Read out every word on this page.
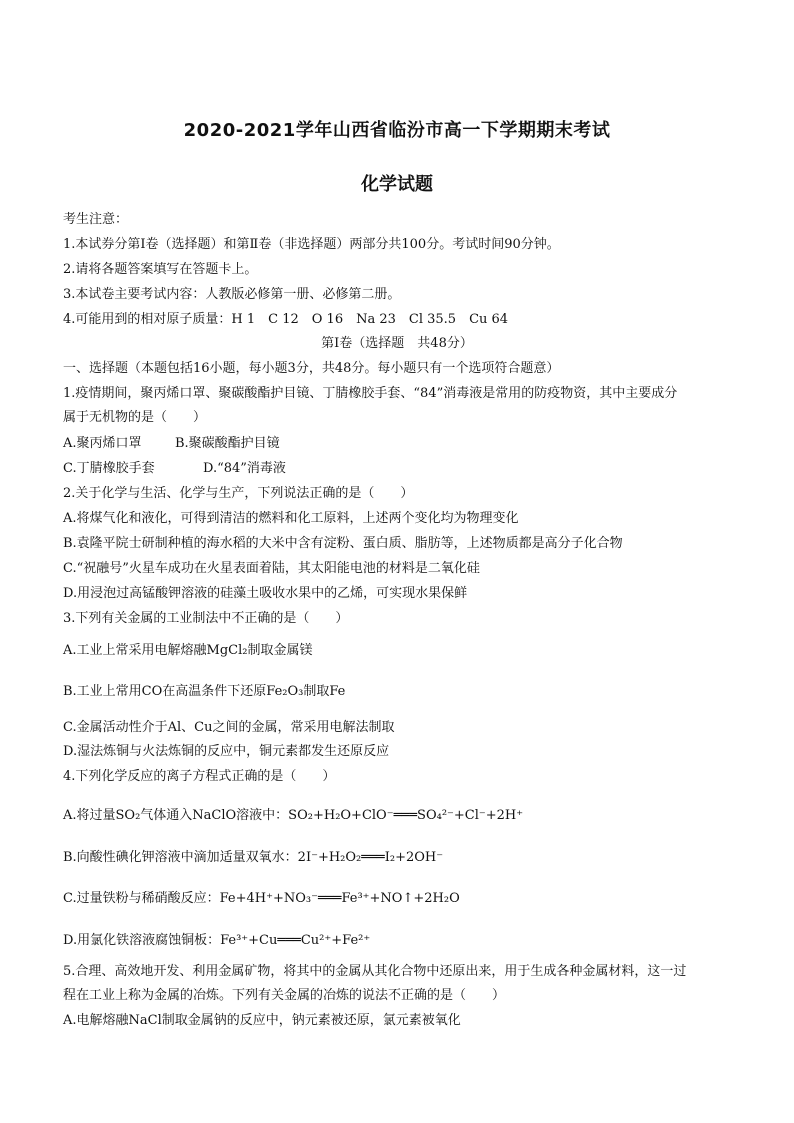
2020-2021学年山西省临汾市高一下学期期末考试
化学试题
考生注意：
1.本试券分第Ⅰ卷（选择题）和第Ⅱ卷（非选择题）两部分共100分。考试时间90分钟。
2.请将各题答案填写在答题卡上。
3.本试卷主要考试内容：人教版必修第一册、必修第二册。
4.可能用到的相对原子质量：H 1　C 12　O 16　Na 23　Cl 35.5　Cu 64
第Ⅰ卷（选择题　共48分）
一、选择题（本题包括16小题，每小题3分，共48分。每小题只有一个选项符合题意）
1.疫情期间，聚丙烯口罩、聚碳酸酯护目镜、丁腈橡胶手套、“84”消毒液是常用的防疫物资，其中主要成分
属于无机物的是（　　）
A.聚丙烯口罩	B.聚碳酸酯护目镜
C.丁腈橡胶手套	D.“84”消毒液
2.关于化学与生活、化学与生产，下列说法正确的是（　　）
A.将煤气化和液化，可得到清洁的燃料和化工原料，上述两个变化均为物理变化
B.袁隆平院士研制种植的海水稻的大米中含有淀粉、蛋白质、脂肪等，上述物质都是高分子化合物
C.“祝融号”火星车成功在火星表面着陆，其太阳能电池的材料是二氧化硅
D.用浸泡过高锰酸钾溶液的硅藻土吸收水果中的乙烯，可实现水果保鲜
3.下列有关金属的工业制法中不正确的是（　　）
A.工业上常采用电解熔融MgCl₂制取金属镁
B.工业上常用CO在高温条件下还原Fe₂O₃制取Fe
C.金属活动性介于Al、Cu之间的金属，常采用电解法制取
D.湿法炼铜与火法炼铜的反应中，铜元素都发生还原反应
4.下列化学反应的离子方程式正确的是（　　）
A.将过量SO₂气体通入NaClO溶液中：SO₂+H₂O+ClO⁻═══SO₄²⁻+Cl⁻+2H⁺
B.向酸性碘化钾溶液中滴加适量双氧水：2I⁻+H₂O₂═══I₂+2OH⁻
C.过量铁粉与稀硝酸反应：Fe+4H⁺+NO₃⁻═══Fe³⁺+NO↑+2H₂O
D.用氯化铁溶液腐蚀铜板：Fe³⁺+Cu═══Cu²⁺+Fe²⁺
5.合理、高效地开发、利用金属矿物，将其中的金属从其化合物中还原出来，用于生成各种金属材料，这一过
程在工业上称为金属的冶炼。下列有关金属的冶炼的说法不正确的是（　　）
A.电解熔融NaCl制取金属钠的反应中，钠元素被还原，氯元素被氧化
